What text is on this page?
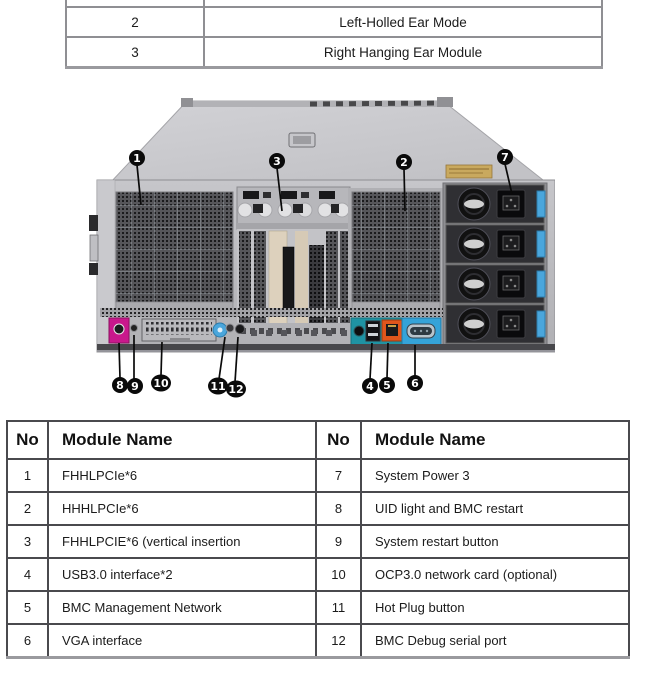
2	Left-Holled Ear Mode
3	Right Hanging Ear Module
1	3	2	7
8 9 10	11 12	4 5 6
No	Module Name	No	Module Name
1	FHHLPCIe*6	7	System Power 3
2	HHHLPCIe*6	8	UID light and BMC restart
3	FHHLPCIE*6 (vertical insertion	9	System restart button
4	USB3.0 interface*2	10	OCP3.0 network card (optional)
5	BMC Management Network	11	Hot Plug button
6	VGA interface	12	BMC Debug serial port
